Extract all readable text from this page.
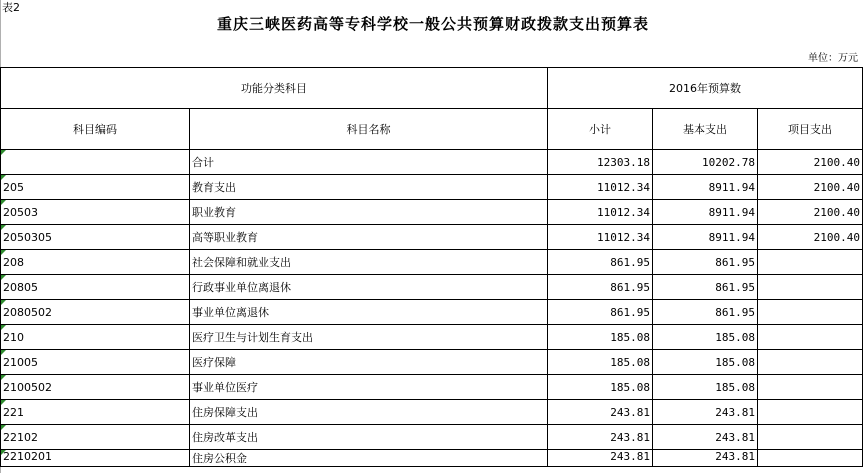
表2
重庆三峡医药高等专科学校一般公共预算财政拨款支出预算表
单位：万元
功能分类科目		2016年预算数		
科目编码	科目名称	小计	基本支出	项目支出

	合计	12303.18	10202.78	2100.40

205	教育支出	11012.34	8911.94	2100.40

20503	职业教育	11012.34	8911.94	2100.40

2050305	高等职业教育	11012.34	8911.94	2100.40

208	社会保障和就业支出	861.95	861.95	

20805	行政事业单位离退休	861.95	861.95	

2080502	事业单位离退休	861.95	861.95	

210	医疗卫生与计划生育支出	185.08	185.08	

21005	医疗保障	185.08	185.08	

2100502	事业单位医疗	185.08	185.08	

221	住房保障支出	243.81	243.81	

22102	住房改革支出	243.81	243.81	

2210201	住房公积金	243.81	243.81	
